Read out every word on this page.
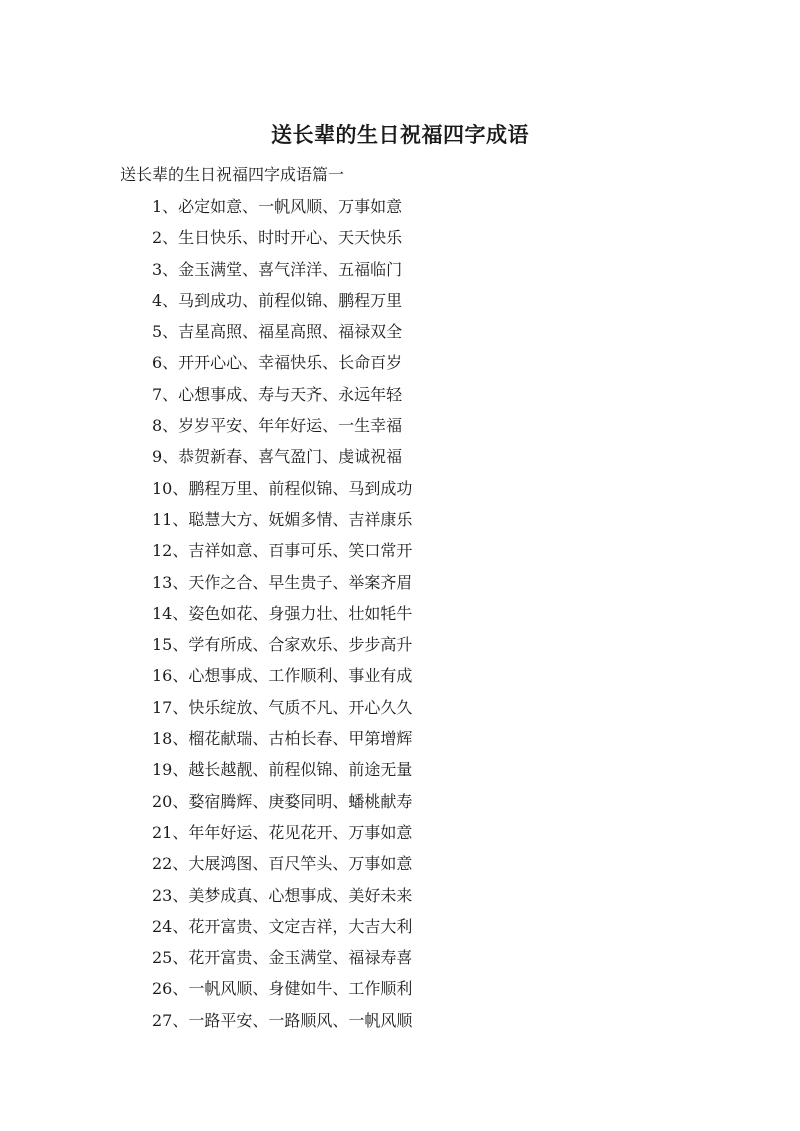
送长辈的生日祝福四字成语

送长辈的生日祝福四字成语篇一

1、必定如意、一帆风顺、万事如意
2、生日快乐、时时开心、天天快乐
3、金玉满堂、喜气洋洋、五福临门
4、马到成功、前程似锦、鹏程万里
5、吉星高照、福星高照、福禄双全
6、开开心心、幸福快乐、长命百岁
7、心想事成、寿与天齐、永远年轻
8、岁岁平安、年年好运、一生幸福
9、恭贺新春、喜气盈门、虔诚祝福
10、鹏程万里、前程似锦、马到成功
11、聪慧大方、妩媚多情、吉祥康乐
12、吉祥如意、百事可乐、笑口常开
13、天作之合、早生贵子、举案齐眉
14、姿色如花、身强力壮、壮如牦牛
15、学有所成、合家欢乐、步步高升
16、心想事成、工作顺利、事业有成
17、快乐绽放、气质不凡、开心久久
18、榴花献瑞、古柏长春、甲第增辉
19、越长越靓、前程似锦、前途无量
20、婺宿腾辉、庚婺同明、蟠桃献寿
21、年年好运、花见花开、万事如意
22、大展鸿图、百尺竿头、万事如意
23、美梦成真、心想事成、美好未来
24、花开富贵、文定吉祥，大吉大利
25、花开富贵、金玉满堂、福禄寿喜
26、一帆风顺、身健如牛、工作顺利
27、一路平安、一路顺风、一帆风顺
